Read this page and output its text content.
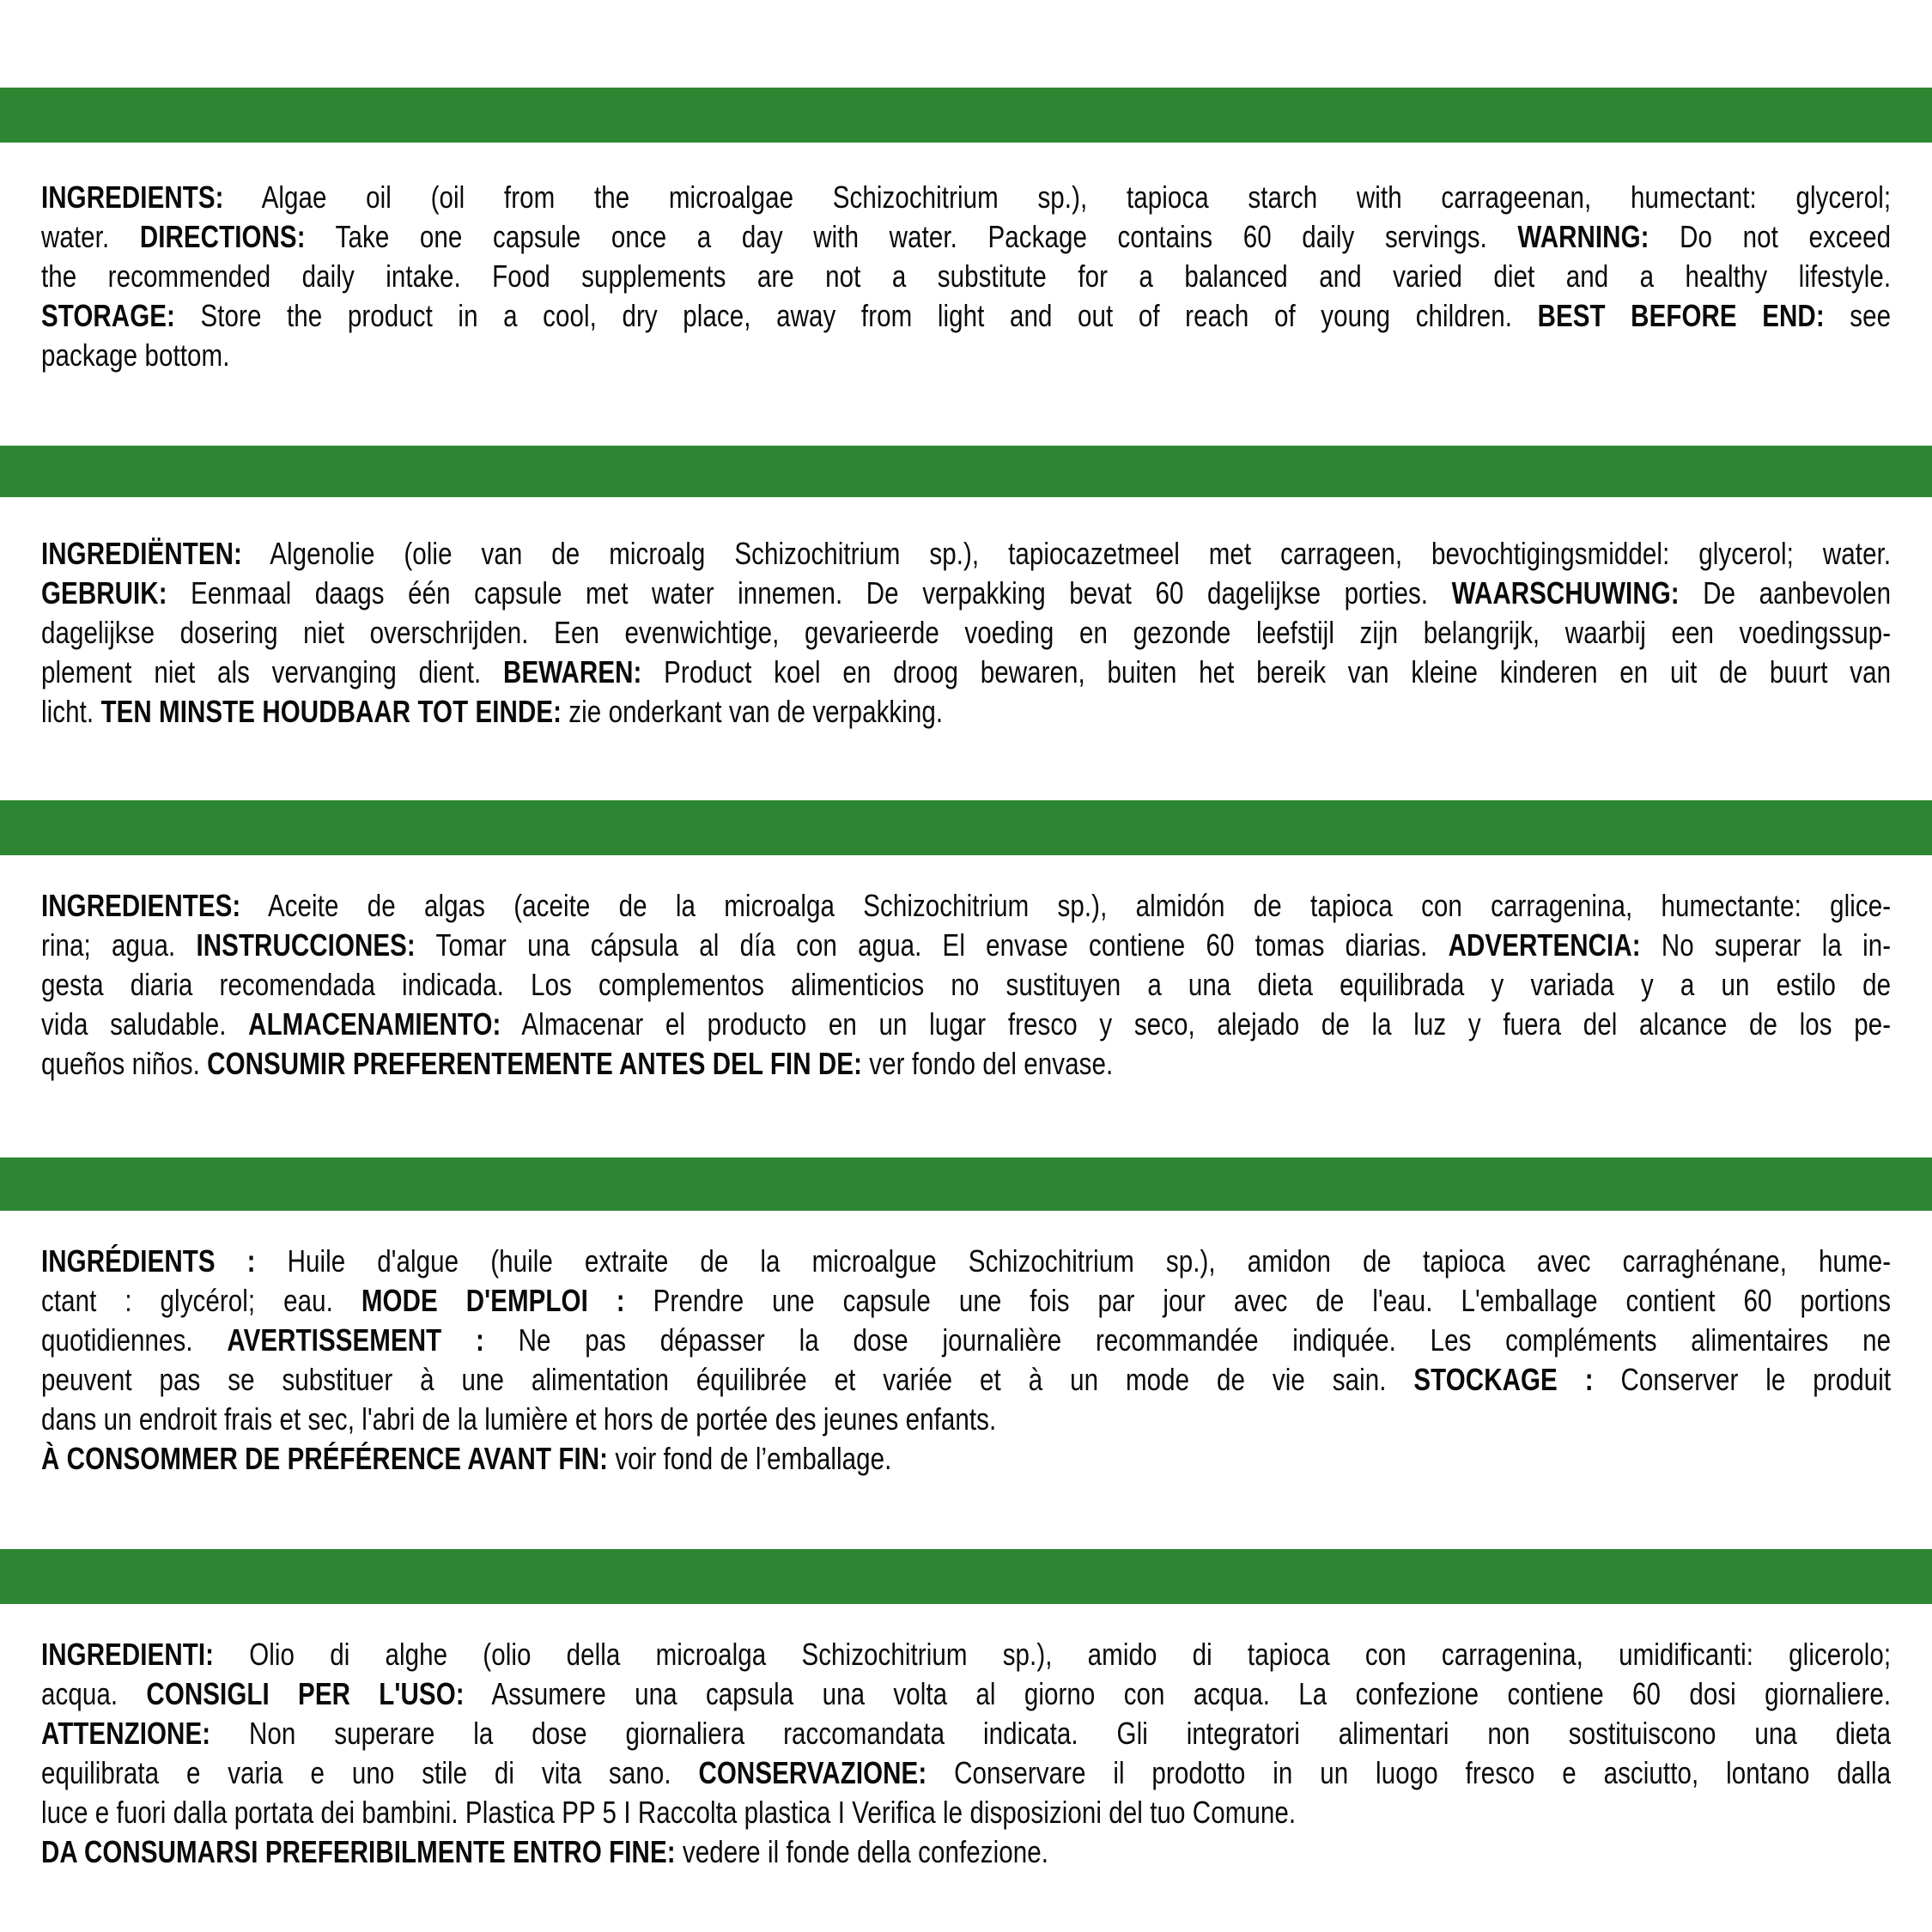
INGREDIENTS: Algae oil (oil from the microalgae Schizochitrium sp.), tapioca starch with carrageenan, humectant: glycerol;
water. DIRECTIONS: Take one capsule once a day with water. Package contains 60 daily servings. WARNING: Do not exceed
the recommended daily intake. Food supplements are not a substitute for a balanced and varied diet and a healthy lifestyle.
STORAGE: Store the product in a cool, dry place, away from light and out of reach of young children. BEST BEFORE END: see
package bottom.
INGREDIËNTEN: Algenolie (olie van de microalg Schizochitrium sp.), tapiocazetmeel met carrageen, bevochtigingsmiddel: glycerol; water.
GEBRUIK: Eenmaal daags één capsule met water innemen. De verpakking bevat 60 dagelijkse porties. WAARSCHUWING: De aanbevolen
dagelijkse dosering niet overschrijden. Een evenwichtige, gevarieerde voeding en gezonde leefstijl zijn belangrijk, waarbij een voedingssup-
plement niet als vervanging dient. BEWAREN: Product koel en droog bewaren, buiten het bereik van kleine kinderen en uit de buurt van
licht. TEN MINSTE HOUDBAAR TOT EINDE: zie onderkant van de verpakking.
INGREDIENTES: Aceite de algas (aceite de la microalga Schizochitrium sp.), almidón de tapioca con carragenina, humectante: glice-
rina; agua. INSTRUCCIONES: Tomar una cápsula al día con agua. El envase contiene 60 tomas diarias. ADVERTENCIA: No superar la in-
gesta diaria recomendada indicada. Los complementos alimenticios no sustituyen a una dieta equilibrada y variada y a un estilo de
vida saludable. ALMACENAMIENTO: Almacenar el producto en un lugar fresco y seco, alejado de la luz y fuera del alcance de los pe-
queños niños. CONSUMIR PREFERENTEMENTE ANTES DEL FIN DE: ver fondo del envase.
INGRÉDIENTS : Huile d'algue (huile extraite de la microalgue Schizochitrium sp.), amidon de tapioca avec carraghénane, hume-
ctant : glycérol; eau. MODE D'EMPLOI : Prendre une capsule une fois par jour avec de l'eau. L'emballage contient 60 portions
quotidiennes. AVERTISSEMENT : Ne pas dépasser la dose journalière recommandée indiquée. Les compléments alimentaires ne
peuvent pas se substituer à une alimentation équilibrée et variée et à un mode de vie sain. STOCKAGE : Conserver le produit
dans un endroit frais et sec, l'abri de la lumière et hors de portée des jeunes enfants.
À CONSOMMER DE PRÉFÉRENCE AVANT FIN: voir fond de l’emballage.
INGREDIENTI: Olio di alghe (olio della microalga Schizochitrium sp.), amido di tapioca con carragenina, umidificanti: glicerolo;
acqua. CONSIGLI PER L'USO: Assumere una capsula una volta al giorno con acqua. La confezione contiene 60 dosi giornaliere.
ATTENZIONE: Non superare la dose giornaliera raccomandata indicata. Gli integratori alimentari non sostituiscono una dieta
equilibrata e varia e uno stile di vita sano. CONSERVAZIONE: Conservare il prodotto in un luogo fresco e asciutto, lontano dalla
luce e fuori dalla portata dei bambini. Plastica PP 5 I Raccolta plastica I Verifica le disposizioni del tuo Comune.
DA CONSUMARSI PREFERIBILMENTE ENTRO FINE: vedere il fonde della confezione.
